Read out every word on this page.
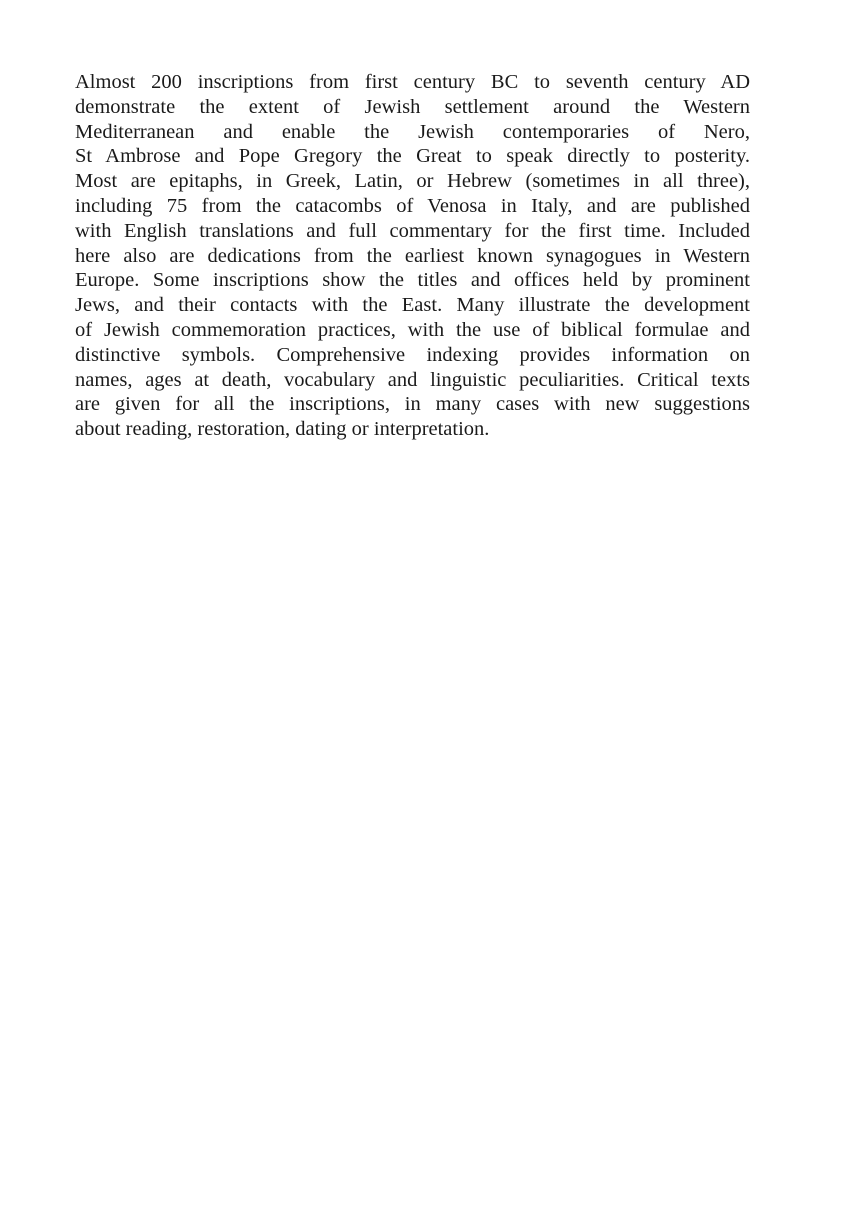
Almost 200 inscriptions from first century BC to seventh century AD
demonstrate the extent of Jewish settlement around the Western
Mediterranean and enable the Jewish contemporaries of Nero,
St Ambrose and Pope Gregory the Great to speak directly to posterity.
Most are epitaphs, in Greek, Latin, or Hebrew (sometimes in all three),
including 75 from the catacombs of Venosa in Italy, and are published
with English translations and full commentary for the first time. Included
here also are dedications from the earliest known synagogues in Western
Europe. Some inscriptions show the titles and offices held by prominent
Jews, and their contacts with the East. Many illustrate the development
of Jewish commemoration practices, with the use of biblical formulae and
distinctive symbols. Comprehensive indexing provides information on
names, ages at death, vocabulary and linguistic peculiarities. Critical texts
are given for all the inscriptions, in many cases with new suggestions
about reading, restoration, dating or interpretation.
